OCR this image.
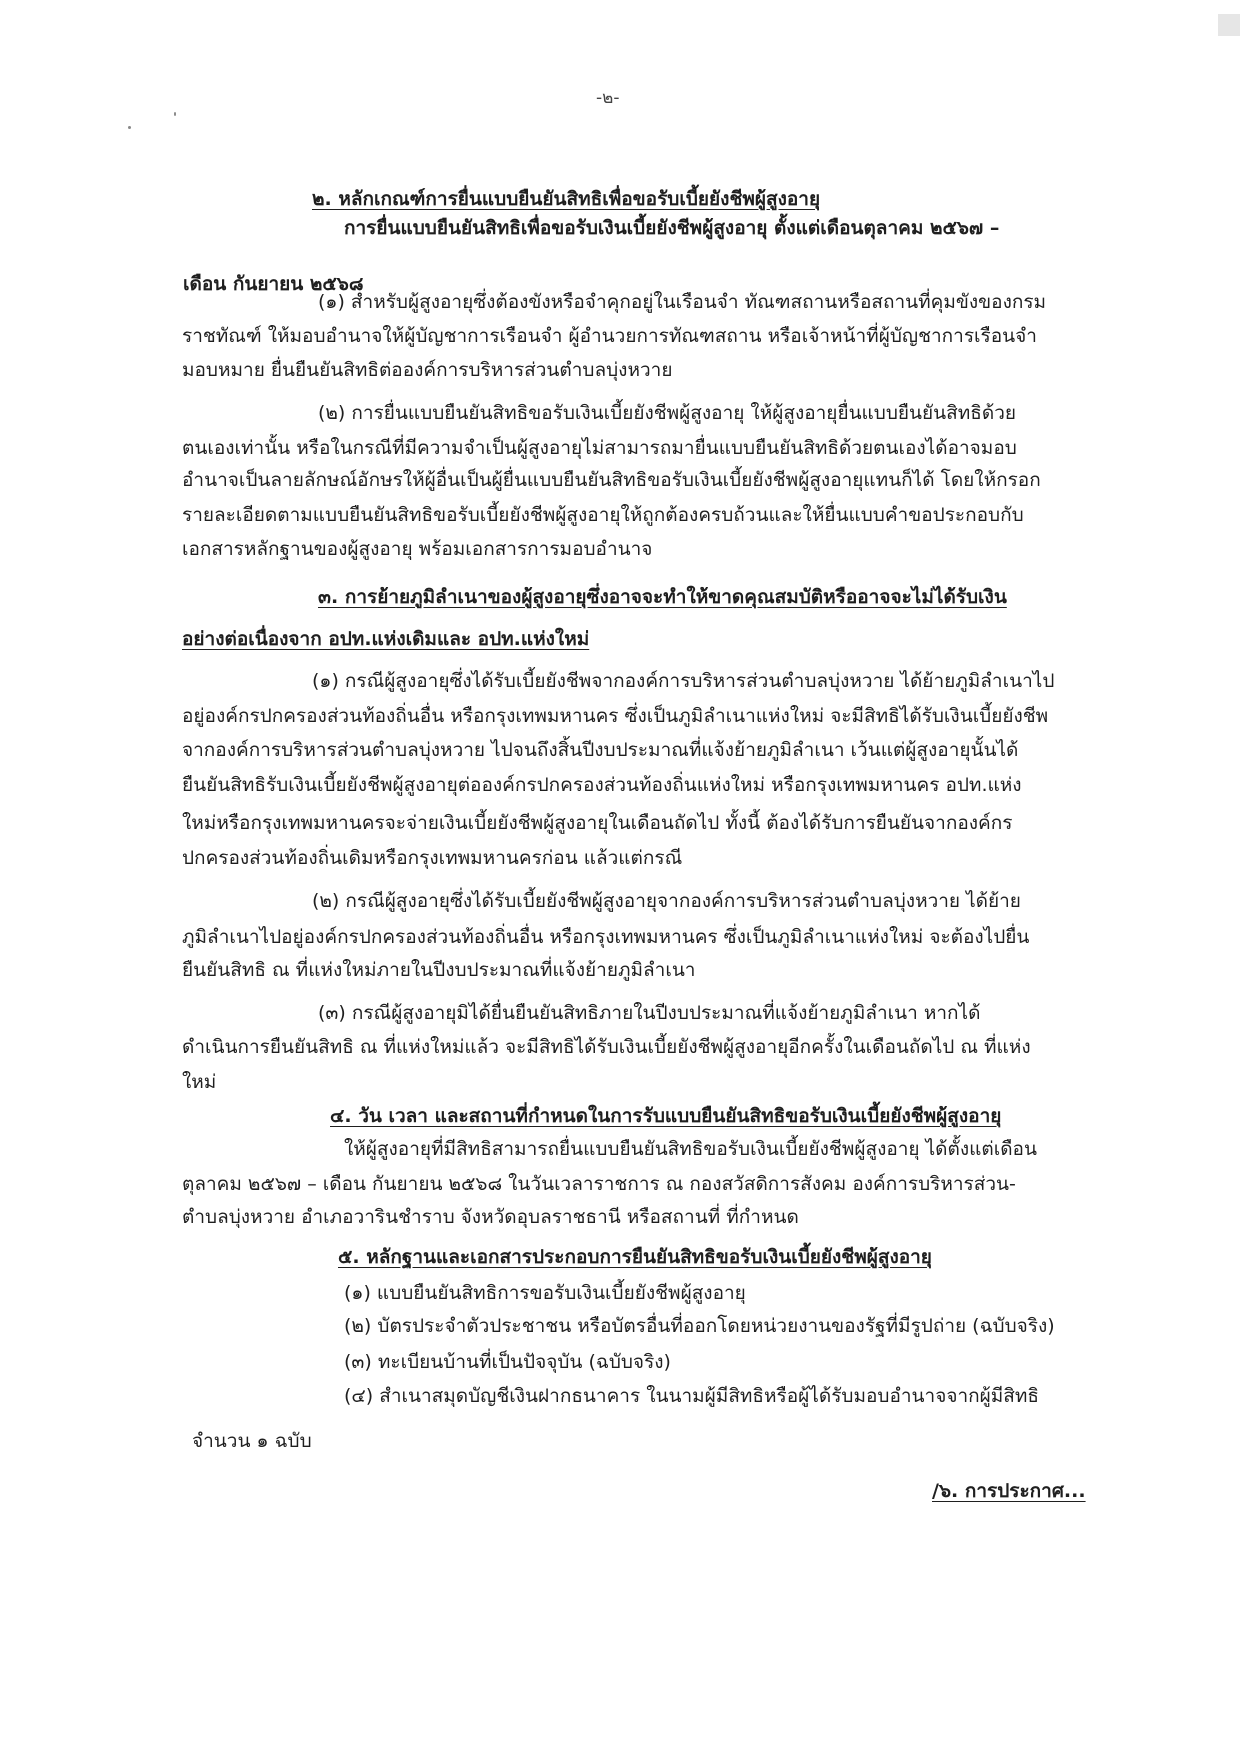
-๒-
๒. หลักเกณฑ์การยื่นแบบยืนยันสิทธิเพื่อขอรับเบี้ยยังชีพผู้สูงอายุ
การยื่นแบบยืนยันสิทธิเพื่อขอรับเงินเบี้ยยังชีพผู้สูงอายุ ตั้งแต่เดือนตุลาคม ๒๕๖๗ –
เดือน กันยายน ๒๕๖๘
(๑) สำหรับผู้สูงอายุซึ่งต้องขังหรือจำคุกอยู่ในเรือนจำ ทัณฑสถานหรือสถานที่คุมขังของกรม
ราชทัณฑ์ ให้มอบอำนาจให้ผู้บัญชาการเรือนจำ ผู้อำนวยการทัณฑสถาน หรือเจ้าหน้าที่ผู้บัญชาการเรือนจำ
มอบหมาย ยื่นยืนยันสิทธิต่อองค์การบริหารส่วนตำบลบุ่งหวาย
(๒) การยื่นแบบยืนยันสิทธิขอรับเงินเบี้ยยังชีพผู้สูงอายุ ให้ผู้สูงอายุยื่นแบบยืนยันสิทธิด้วย
ตนเองเท่านั้น หรือในกรณีที่มีความจำเป็นผู้สูงอายุไม่สามารถมายื่นแบบยืนยันสิทธิด้วยตนเองได้อาจมอบ
อำนาจเป็นลายลักษณ์อักษรให้ผู้อื่นเป็นผู้ยื่นแบบยืนยันสิทธิขอรับเงินเบี้ยยังชีพผู้สูงอายุแทนก็ได้ โดยให้กรอก
รายละเอียดตามแบบยืนยันสิทธิขอรับเบี้ยยังชีพผู้สูงอายุให้ถูกต้องครบถ้วนและให้ยื่นแบบคำขอประกอบกับ
เอกสารหลักฐานของผู้สูงอายุ พร้อมเอกสารการมอบอำนาจ
๓. การย้ายภูมิลำเนาของผู้สูงอายุซึ่งอาจจะทำให้ขาดคุณสมบัติหรืออาจจะไม่ได้รับเงิน
อย่างต่อเนื่องจาก อปท.แห่งเดิมและ อปท.แห่งใหม่
(๑) กรณีผู้สูงอายุซึ่งได้รับเบี้ยยังชีพจากองค์การบริหารส่วนตำบลบุ่งหวาย ได้ย้ายภูมิลำเนาไป
อยู่องค์กรปกครองส่วนท้องถิ่นอื่น หรือกรุงเทพมหานคร ซึ่งเป็นภูมิลำเนาแห่งใหม่ จะมีสิทธิได้รับเงินเบี้ยยังชีพ
จากองค์การบริหารส่วนตำบลบุ่งหวาย ไปจนถึงสิ้นปีงบประมาณที่แจ้งย้ายภูมิลำเนา เว้นแต่ผู้สูงอายุนั้นได้
ยืนยันสิทธิรับเงินเบี้ยยังชีพผู้สูงอายุต่อองค์กรปกครองส่วนท้องถิ่นแห่งใหม่ หรือกรุงเทพมหานคร อปท.แห่ง
ใหม่หรือกรุงเทพมหานครจะจ่ายเงินเบี้ยยังชีพผู้สูงอายุในเดือนถัดไป ทั้งนี้ ต้องได้รับการยืนยันจากองค์กร
ปกครองส่วนท้องถิ่นเดิมหรือกรุงเทพมหานครก่อน แล้วแต่กรณี
(๒) กรณีผู้สูงอายุซึ่งได้รับเบี้ยยังชีพผู้สูงอายุจากองค์การบริหารส่วนตำบลบุ่งหวาย ได้ย้าย
ภูมิลำเนาไปอยู่องค์กรปกครองส่วนท้องถิ่นอื่น หรือกรุงเทพมหานคร ซึ่งเป็นภูมิลำเนาแห่งใหม่ จะต้องไปยื่น
ยืนยันสิทธิ ณ ที่แห่งใหม่ภายในปีงบประมาณที่แจ้งย้ายภูมิลำเนา
(๓) กรณีผู้สูงอายุมิได้ยื่นยืนยันสิทธิภายในปีงบประมาณที่แจ้งย้ายภูมิลำเนา หากได้
ดำเนินการยืนยันสิทธิ ณ ที่แห่งใหม่แล้ว จะมีสิทธิได้รับเงินเบี้ยยังชีพผู้สูงอายุอีกครั้งในเดือนถัดไป ณ ที่แห่ง
ใหม่
๔. วัน เวลา และสถานที่กำหนดในการรับแบบยืนยันสิทธิขอรับเงินเบี้ยยังชีพผู้สูงอายุ
ให้ผู้สูงอายุที่มีสิทธิสามารถยื่นแบบยืนยันสิทธิขอรับเงินเบี้ยยังชีพผู้สูงอายุ ได้ตั้งแต่เดือน
ตุลาคม ๒๕๖๗ – เดือน กันยายน ๒๕๖๘ ในวันเวลาราชการ ณ กองสวัสดิการสังคม องค์การบริหารส่วน-
ตำบลบุ่งหวาย อำเภอวารินชำราบ จังหวัดอุบลราชธานี หรือสถานที่ ที่กำหนด
๕. หลักฐานและเอกสารประกอบการยืนยันสิทธิขอรับเงินเบี้ยยังชีพผู้สูงอายุ
(๑) แบบยืนยันสิทธิการขอรับเงินเบี้ยยังชีพผู้สูงอายุ
(๒) บัตรประจำตัวประชาชน หรือบัตรอื่นที่ออกโดยหน่วยงานของรัฐที่มีรูปถ่าย (ฉบับจริง)
(๓) ทะเบียนบ้านที่เป็นปัจจุบัน (ฉบับจริง)
(๔) สำเนาสมุดบัญชีเงินฝากธนาคาร ในนามผู้มีสิทธิหรือผู้ได้รับมอบอำนาจจากผู้มีสิทธิ
จำนวน ๑ ฉบับ
/๖. การประกาศ...
